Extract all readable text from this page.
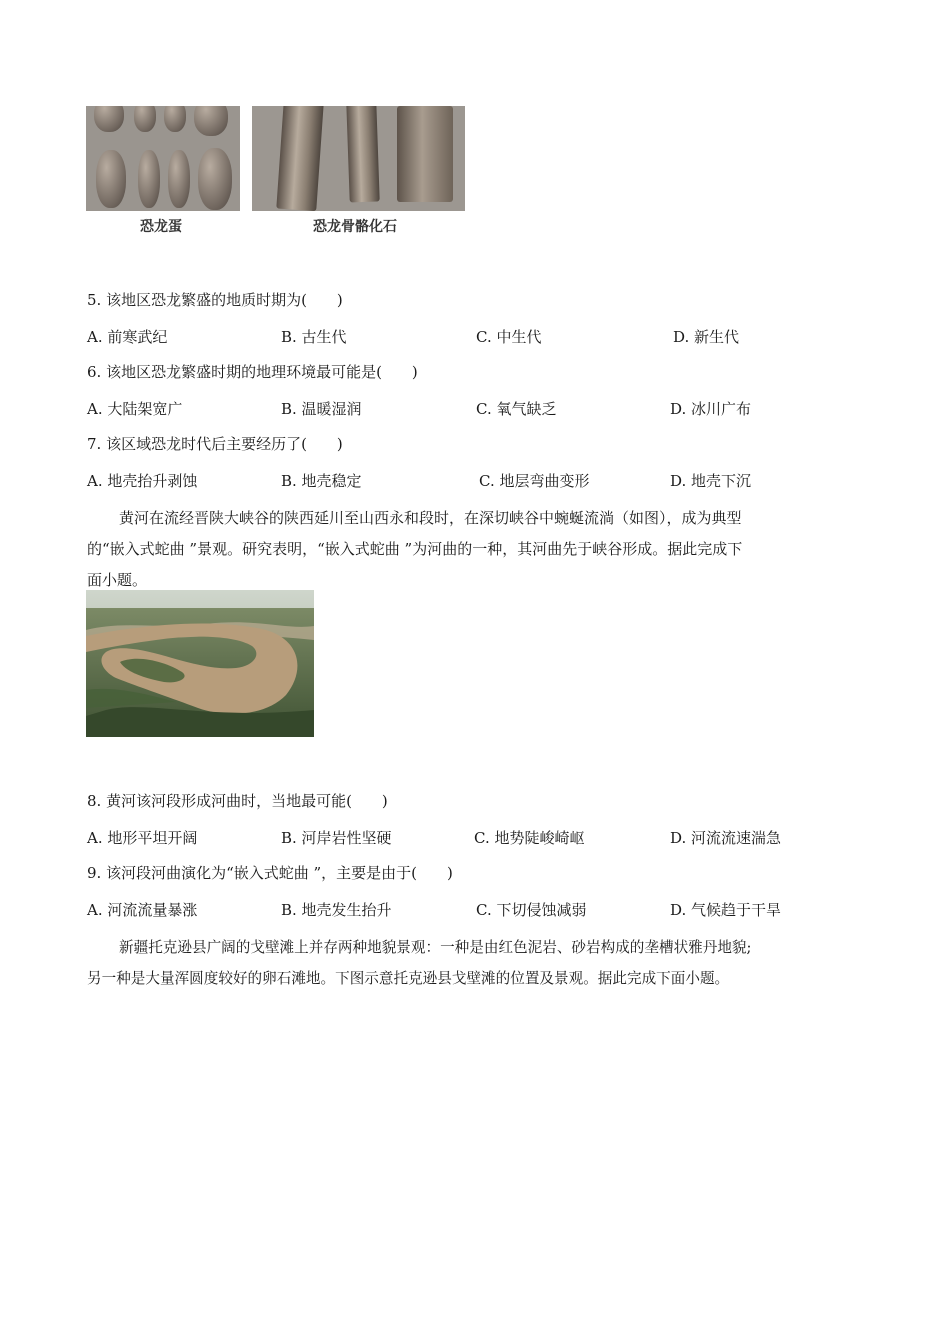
恐龙蛋	恐龙骨骼化石
5. 该地区恐龙繁盛的地质时期为(　　)
A. 前寒武纪	B. 古生代	C. 中生代	D. 新生代
6. 该地区恐龙繁盛时期的地理环境最可能是(　　)
A. 大陆架宽广	B. 温暖湿润	C. 氧气缺乏	D. 冰川广布
7. 该区域恐龙时代后主要经历了(　　)
A. 地壳抬升剥蚀	B. 地壳稳定	C. 地层弯曲变形	D. 地壳下沉

黄河在流经晋陕大峡谷的陕西延川至山西永和段时，在深切峡谷中蜿蜒流淌（如图），成为典型

的“嵌入式蛇曲 ”景观。研究表明，“嵌入式蛇曲 ”为河曲的一种，其河曲先于峡谷形成。据此完成下

面小题。

8. 黄河该河段形成河曲时，当地最可能(　　)
A. 地形平坦开阔	B. 河岸岩性坚硬	C. 地势陡峻崎岖	D. 河流流速湍急
9. 该河段河曲演化为“嵌入式蛇曲 ”，主要是由于(　　)
A. 河流流量暴涨	B. 地壳发生抬升	C. 下切侵蚀减弱	D. 气候趋于干旱

新疆托克逊县广阔的戈壁滩上并存两种地貌景观：一种是由红色泥岩、砂岩构成的垄槽状雅丹地貌;

另一种是大量浑圆度较好的卵石滩地。下图示意托克逊县戈壁滩的位置及景观。据此完成下面小题。
